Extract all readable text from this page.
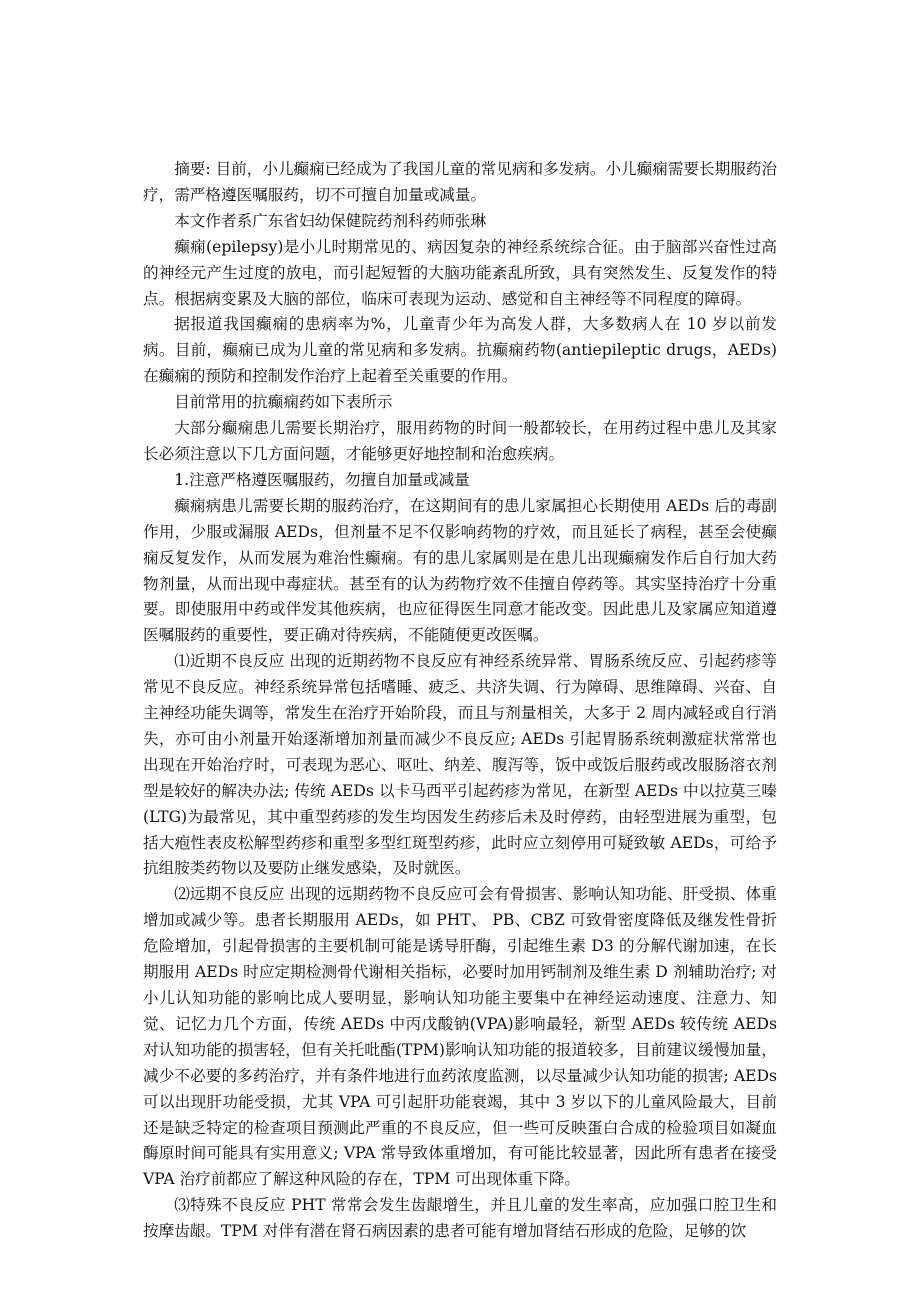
摘要: 目前，小儿癫痫已经成为了我国儿童的常见病和多发病。小儿癫痫需要长期服药治疗，需严格遵医嘱服药，切不可擅自加量或减量。

本文作者系广东省妇幼保健院药剂科药师张琳

癫痫(epilepsy)是小儿时期常见的、病因复杂的神经系统综合征。由于脑部兴奋性过高的神经元产生过度的放电，而引起短暂的大脑功能紊乱所致，具有突然发生、反复发作的特点。根据病变累及大脑的部位，临床可表现为运动、感觉和自主神经等不同程度的障碍。

据报道我国癫痫的患病率为%，儿童青少年为高发人群，大多数病人在 10 岁以前发病。目前，癫痫已成为儿童的常见病和多发病。抗癫痫药物(antiepileptic drugs，AEDs)在癫痫的预防和控制发作治疗上起着至关重要的作用。

目前常用的抗癫痫药如下表所示

大部分癫痫患儿需要长期治疗，服用药物的时间一般都较长，在用药过程中患儿及其家长必须注意以下几方面问题，才能够更好地控制和治愈疾病。

1.注意严格遵医嘱服药，勿擅自加量或减量

癫痫病患儿需要长期的服药治疗，在这期间有的患儿家属担心长期使用 AEDs 后的毒副作用，少服或漏服 AEDs，但剂量不足不仅影响药物的疗效，而且延长了病程，甚至会使癫痫反复发作，从而发展为难治性癫痫。有的患儿家属则是在患儿出现癫痫发作后自行加大药物剂量，从而出现中毒症状。甚至有的认为药物疗效不佳擅自停药等。其实坚持治疗十分重要。即使服用中药或伴发其他疾病，也应征得医生同意才能改变。因此患儿及家属应知道遵医嘱服药的重要性，要正确对待疾病，不能随便更改医嘱。

⑴近期不良反应 出现的近期药物不良反应有神经系统异常、胃肠系统反应、引起药疹等常见不良反应。神经系统异常包括嗜睡、疲乏、共济失调、行为障碍、思维障碍、兴奋、自主神经功能失调等，常发生在治疗开始阶段，而且与剂量相关，大多于 2 周内减轻或自行消失，亦可由小剂量开始逐渐增加剂量而减少不良反应; AEDs 引起胃肠系统刺激症状常常也出现在开始治疗时，可表现为恶心、呕吐、纳差、腹泻等，饭中或饭后服药或改服肠溶衣剂型是较好的解决办法; 传统 AEDs 以卡马西平引起药疹为常见，在新型 AEDs 中以拉莫三嗪(LTG)为最常见，其中重型药疹的发生均因发生药疹后未及时停药，由轻型进展为重型，包括大疱性表皮松解型药疹和重型多型红斑型药疹，此时应立刻停用可疑致敏 AEDs，可给予抗组胺类药物以及要防止继发感染，及时就医。

⑵远期不良反应 出现的远期药物不良反应可会有骨损害、影响认知功能、肝受损、体重增加或减少等。患者长期服用 AEDs，如 PHT、 PB、CBZ 可致骨密度降低及继发性骨折危险增加，引起骨损害的主要机制可能是诱导肝酶，引起维生素 D3 的分解代谢加速，在长期服用 AEDs 时应定期检测骨代谢相关指标，必要时加用钙制剂及维生素 D 剂辅助治疗; 对小儿认知功能的影响比成人要明显，影响认知功能主要集中在神经运动速度、注意力、知觉、记忆力几个方面，传统 AEDs 中丙戊酸钠(VPA)影响最轻，新型 AEDs 较传统 AEDs 对认知功能的损害轻，但有关托吡酯(TPM)影响认知功能的报道较多，目前建议缓慢加量，减少不必要的多药治疗，并有条件地进行血药浓度监测，以尽量减少认知功能的损害; AEDs 可以出现肝功能受损，尤其 VPA 可引起肝功能衰竭，其中 3 岁以下的儿童风险最大，目前还是缺乏特定的检查项目预测此严重的不良反应，但一些可反映蛋白合成的检验项目如凝血酶原时间可能具有实用意义; VPA 常导致体重增加，有可能比较显著，因此所有患者在接受 VPA 治疗前都应了解这种风险的存在，TPM 可出现体重下降。

⑶特殊不良反应 PHT 常常会发生齿龈增生，并且儿童的发生率高，应加强口腔卫生和按摩齿龈。TPM 对伴有潜在肾石病因素的患者可能有增加肾结石形成的危险，足够的饮
